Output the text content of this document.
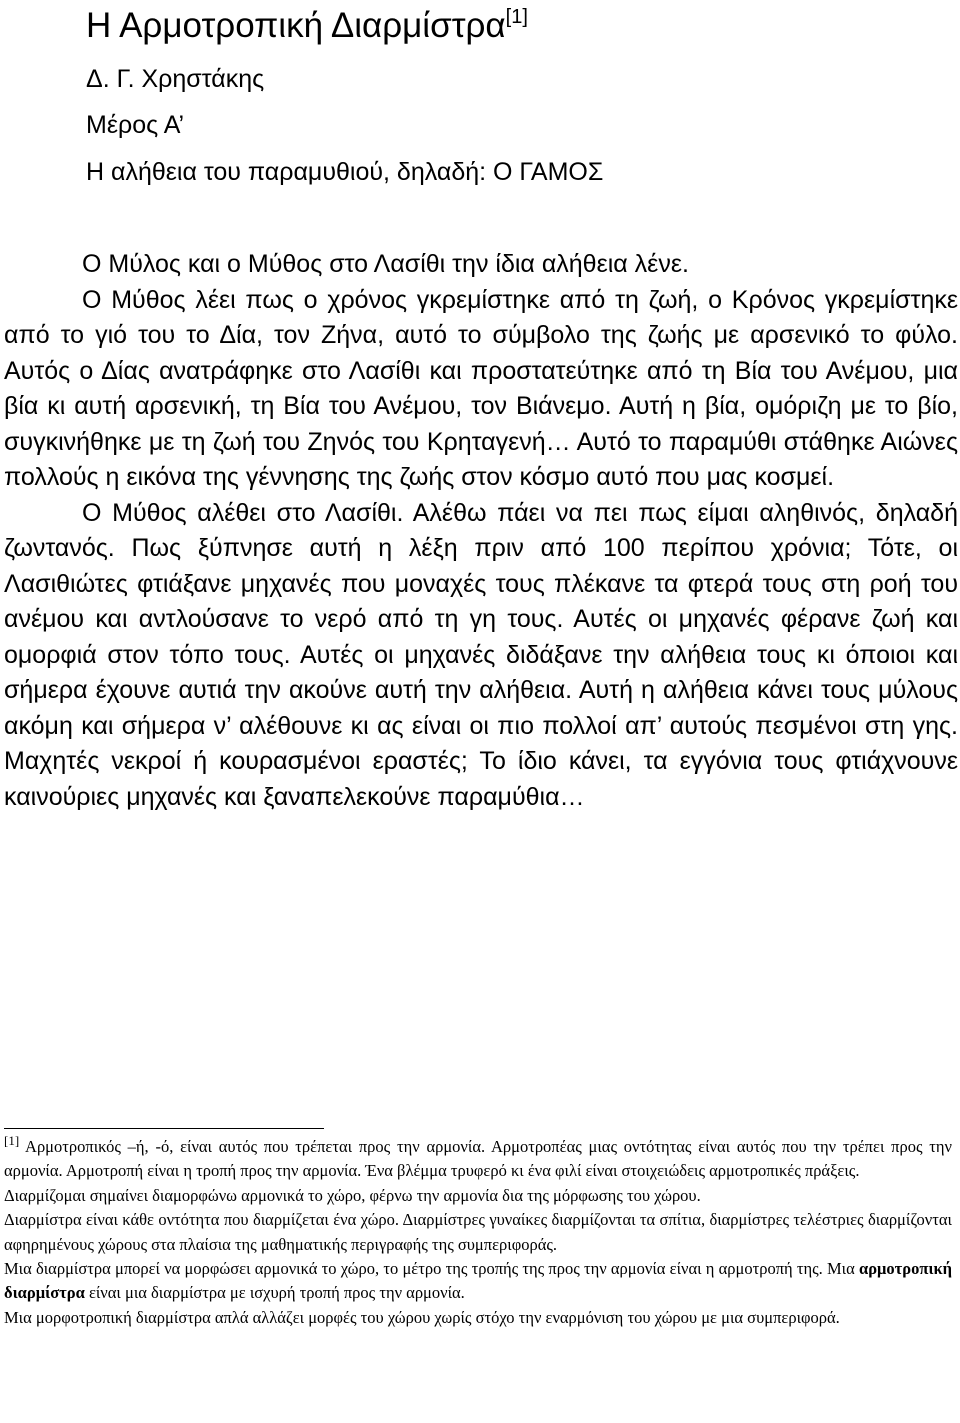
Η Αρμοτροπική Διαρμίστρα[1]
Δ. Γ. Χρηστάκης
Μέρος Α’
Η αλήθεια του παραμυθιού, δηλαδή: Ο ΓΑΜΟΣ

Ο Μύλος και ο Μύθος στο Λασίθι την ίδια αλήθεια λένε.

Ο Μύθος λέει πως ο χρόνος γκρεμίστηκε από τη ζωή, ο Κρόνος γκρεμίστηκε από το γιό του το Δία, τον Ζήνα, αυτό το σύμβολο της ζωής με αρσενικό το φύλο. Αυτός ο Δίας ανατράφηκε στο Λασίθι και προστατεύτηκε από τη Βία του Ανέμου, μια βία κι αυτή αρσενική, τη Βία του Ανέμου, τον Βιάνεμο. Αυτή η βία, ομόριζη με το βίο, συγκινήθηκε με τη ζωή του Ζηνός του Κρηταγενή… Αυτό το παραμύθι στάθηκε Αιώνες πολλούς η εικόνα της γέννησης της ζωής στον κόσμο αυτό που μας κοσμεί.

Ο Μύθος αλέθει στο Λασίθι. Αλέθω πάει να πει πως είμαι αληθινός, δηλαδή ζωντανός. Πως ξύπνησε αυτή η λέξη πριν από 100 περίπου χρόνια; Τότε, οι Λασιθιώτες φτιάξανε μηχανές που μοναχές τους πλέκανε τα φτερά τους στη ροή του ανέμου και αντλούσανε το νερό από τη γη τους. Αυτές οι μηχανές φέρανε ζωή και ομορφιά στον τόπο τους. Αυτές οι μηχανές διδάξανε την αλήθεια τους κι όποιοι και σήμερα έχουνε αυτιά την ακούνε αυτή την αλήθεια. Αυτή η αλήθεια κάνει τους μύλους ακόμη και σήμερα ν’ αλέθουνε κι ας είναι οι πιο πολλοί απ’ αυτούς πεσμένοι στη γης. Μαχητές νεκροί ή κουρασμένοι εραστές; Το ίδιο κάνει, τα εγγόνια τους φτιάχνουνε καινούριες μηχανές και ξαναπελεκούνε παραμύθια…

[1] Αρμοτροπικός –ή, -ό, είναι αυτός που τρέπεται προς την αρμονία. Αρμοτροπέας μιας οντότητας είναι αυτός που την τρέπει προς την αρμονία. Αρμοτροπή είναι η τροπή προς την αρμονία. Ένα βλέμμα τρυφερό κι ένα φιλί είναι στοιχειώδεις αρμοτροπικές πράξεις.

Διαρμίζομαι σημαίνει διαμορφώνω αρμονικά το χώρο, φέρνω την αρμονία δια της μόρφωσης του χώρου.

Διαρμίστρα είναι κάθε οντότητα που διαρμίζεται ένα χώρο. Διαρμίστρες γυναίκες διαρμίζονται τα σπίτια, διαρμίστρες τελέστριες διαρμίζονται αφηρημένους χώρους στα πλαίσια της μαθηματικής περιγραφής της συμπεριφοράς.

Μια διαρμίστρα μπορεί να μορφώσει αρμονικά το χώρο, το μέτρο της τροπής της προς την αρμονία είναι η αρμοτροπή της. Μια αρμοτροπική διαρμίστρα είναι μια διαρμίστρα με ισχυρή τροπή προς την αρμονία.

Μια μορφοτροπική διαρμίστρα απλά αλλάζει μορφές του χώρου χωρίς στόχο την εναρμόνιση του χώρου με μια συμπεριφορά.
